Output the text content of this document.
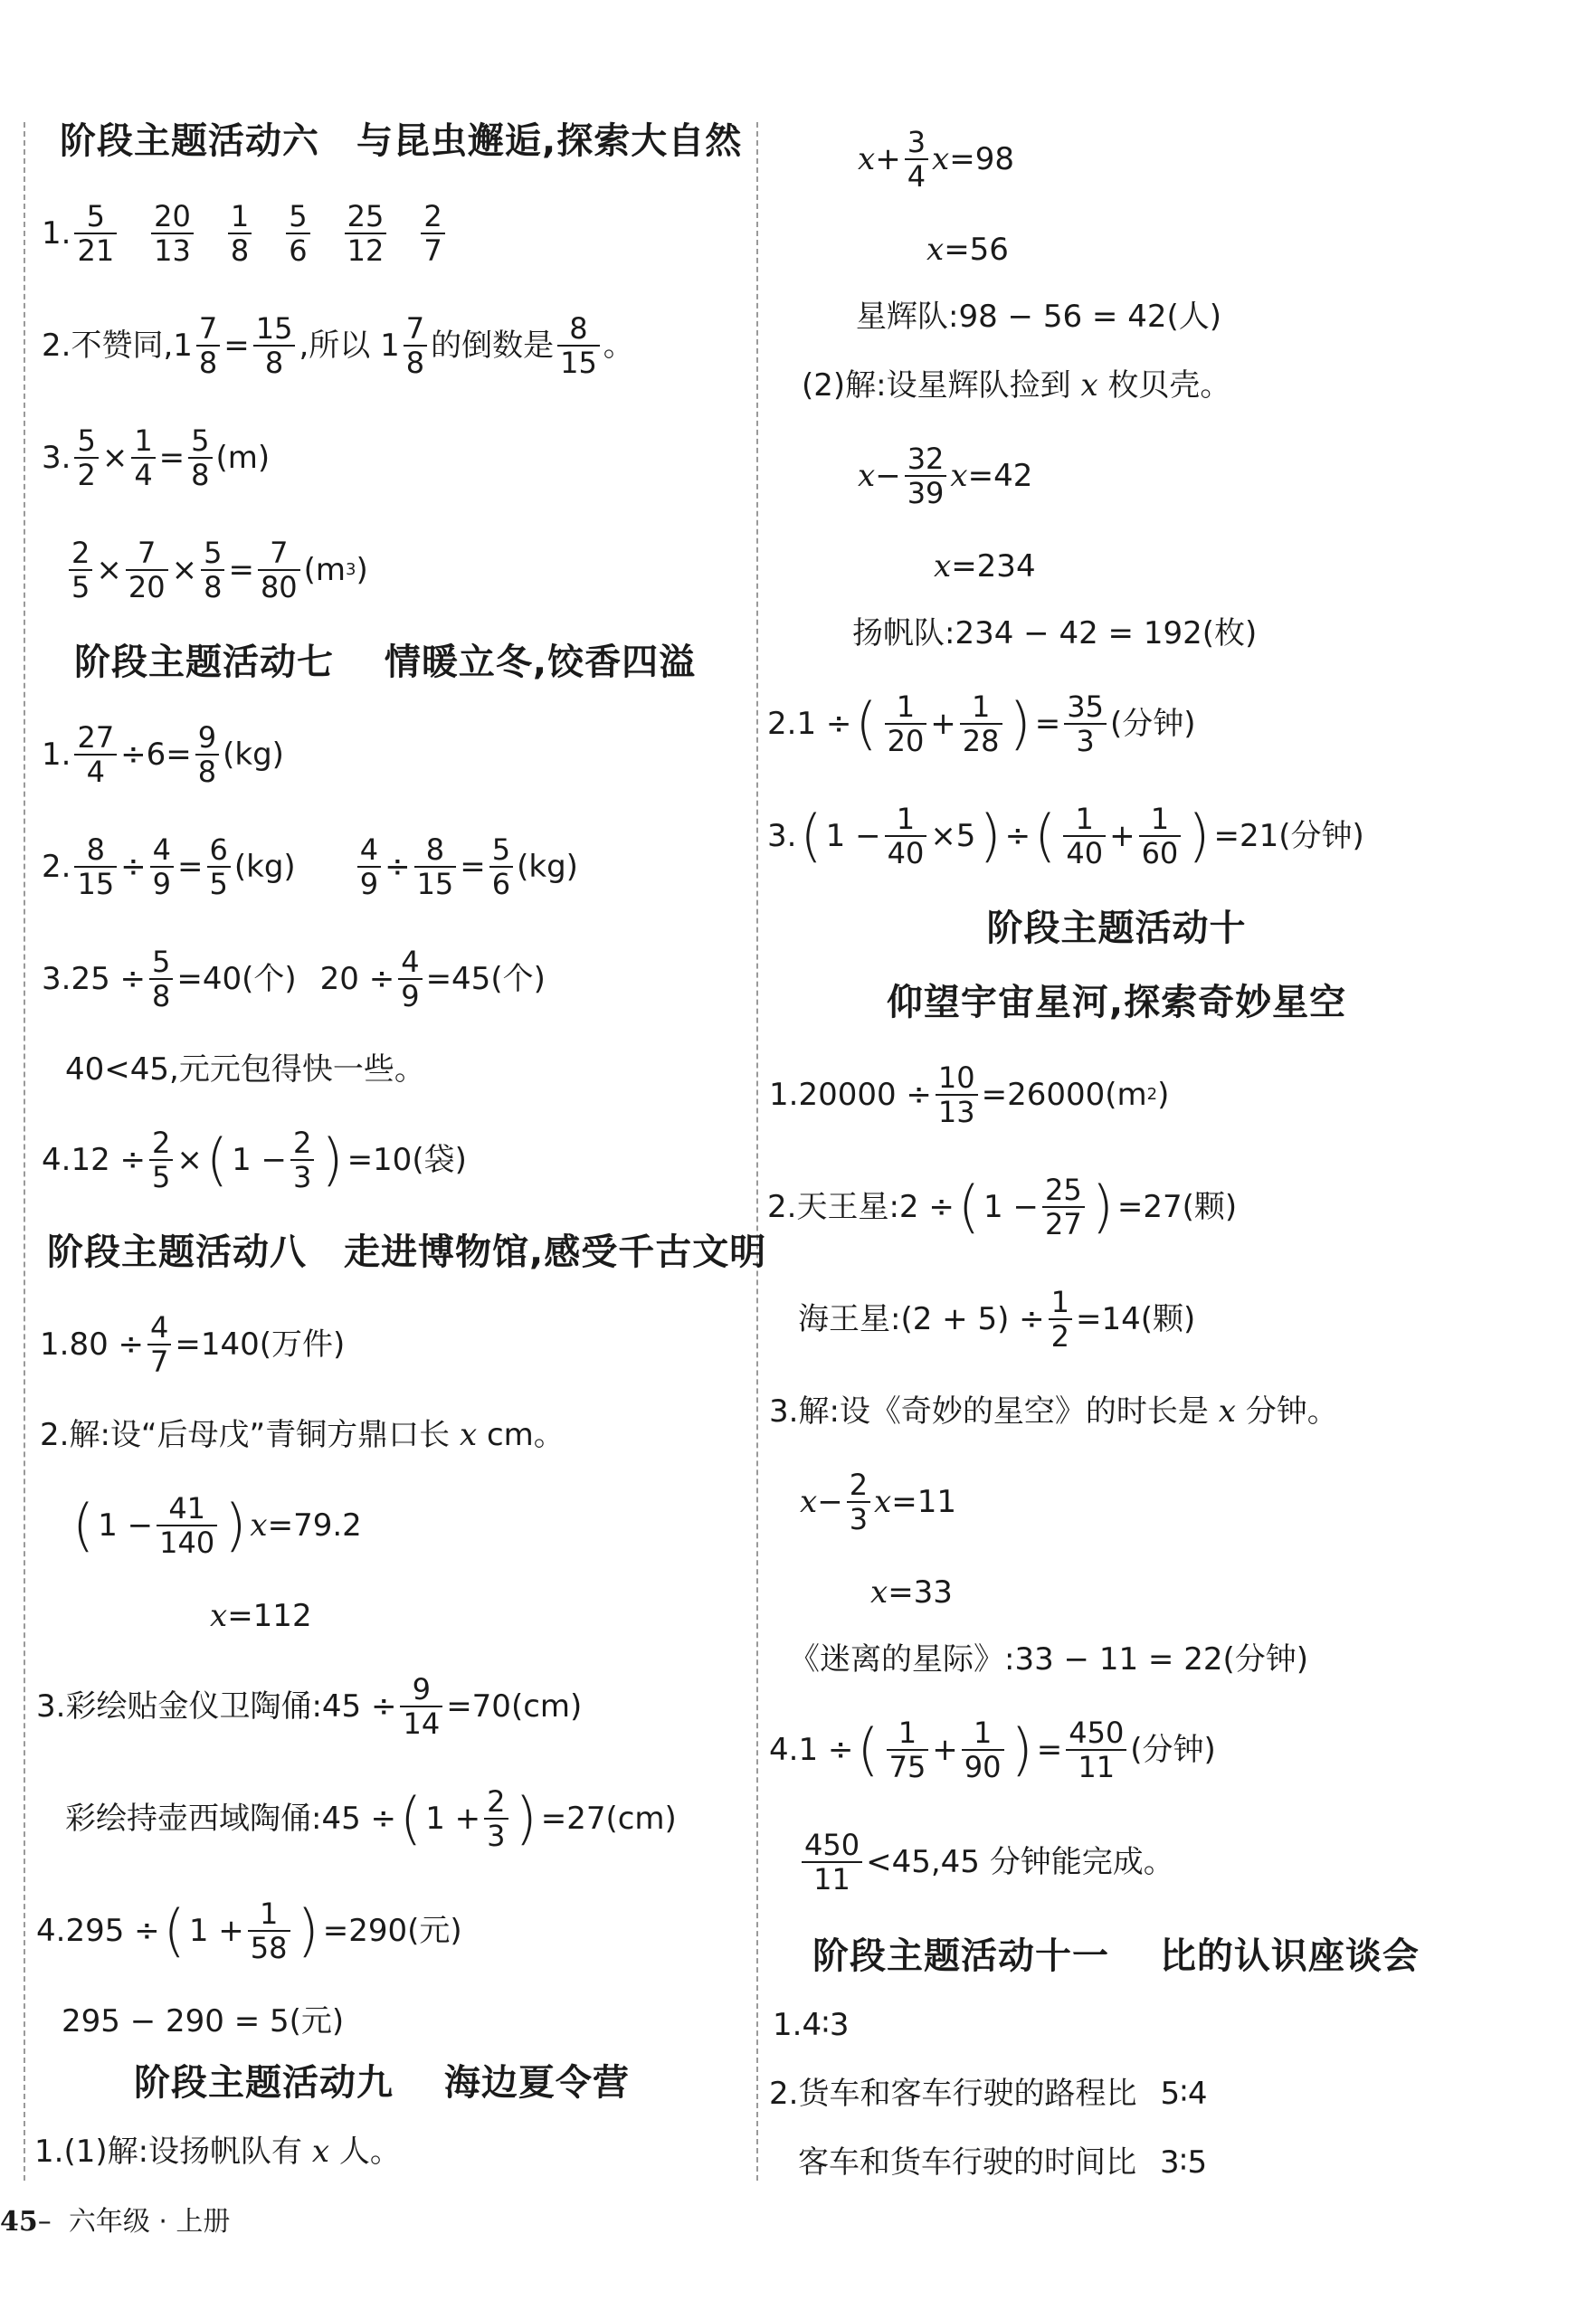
阶段主题活动六　与昆虫邂逅,探索大自然
1. $\frac{5}{21} \frac{20}{13} \frac{1}{8} \frac{5}{6} \frac{25}{12} \frac{2}{7}$
2.不赞同$,1 \frac{7}{8} = \frac{15}{8}$ ,所以 $1 \frac{7}{8}$ 的倒数是 $\frac{8}{15}$ 。
3. $\frac{5}{2} \times \frac{1}{4} = \frac{5}{8} (m)$
$\frac{2}{5} \times \frac{7}{20} \times \frac{5}{8} = \frac{7}{80} (m$ 3 )
阶段主题活动七　 情暖立冬,饺香四溢
1. $\frac{27}{4} \div 6= \frac{9}{8} (kg)$
2. $\frac{8}{15} \div \frac{4}{9} = \frac{6}{5} (kg) \frac{4}{9} \div \frac{8}{15} = \frac{5}{6} (kg)$
$3.25 \div \frac{5}{8} =40$(个) $20 \div \frac{4}{9} =45$(个)
40<45,元元包得快一些。
$4.12 \div \frac{2}{5}$ × ( $1 - \frac{2}{3}$ ) =10(袋)
阶段主题活动八　走进博物馆,感受千古文明
$1.80 \div \frac{4}{7} =140$(万件)
2.解:设“后母戊”青铜方鼎口长
x
cm。
( $1 - \frac{41}{140}$ ) x =79.2
x =112
3.彩绘贴金仪卫陶俑:45 ÷ $\frac{9}{14} =70(cm)$
彩绘持壶西域陶俑:45 ÷ ( $1 + \frac{2}{3}$ ) =27(cm)
4.295 ÷ ( $1 + \frac{1}{58}$ ) =290(元)
295 − 290 = 5(元)
阶段主题活动九　 海边夏令营
1.(1)解:设扬帆队有
x
人。
$x + \frac{3}{4}$ x =98
x =56
星辉队:98 − 56 = 42(人)
(2)解:设星辉队捡到
x
枚贝壳。
$x - \frac{32}{39}$ x =42
x =234
扬帆队:234 − 42 = 192(枚)
2.1 ÷ ( $\frac{1}{20} + \frac{1}{28}$ ) = $\frac{35}{3}$ (分钟)
3. ( $1 - \frac{1}{40} \times 5$ ) ÷ ( $\frac{1}{40} + \frac{1}{60}$ ) =21(分钟)
阶段主题活动十
仰望宇宙星河,探索奇妙星空
$1.20000 \div \frac{10}{13} =26000(m$ 2 )
2.天王星:2 ÷ ( $1 - \frac{25}{27}$ ) =27(颗)
海王星:(2 + $5) \div \frac{1}{2} =14$(颗)
3.解:设《奇妙的星空》的时长是
x
分钟。
$x - \frac{2}{3}$ x =11
x =33
《迷离的星际》:33 − 11 = 22(分钟)
4.1 ÷ ( $\frac{1}{75} + \frac{1}{90}$ ) = $\frac{450}{11}$ (分钟)
$\frac{450}{11} <45,45$ 分钟能完成。
阶段主题活动十一　 比的认识座谈会
1.4∶3
2.货车和客车行驶的路程比 5∶4
客车和货车行驶的时间比 3∶5
45– 六年级 · 上册
